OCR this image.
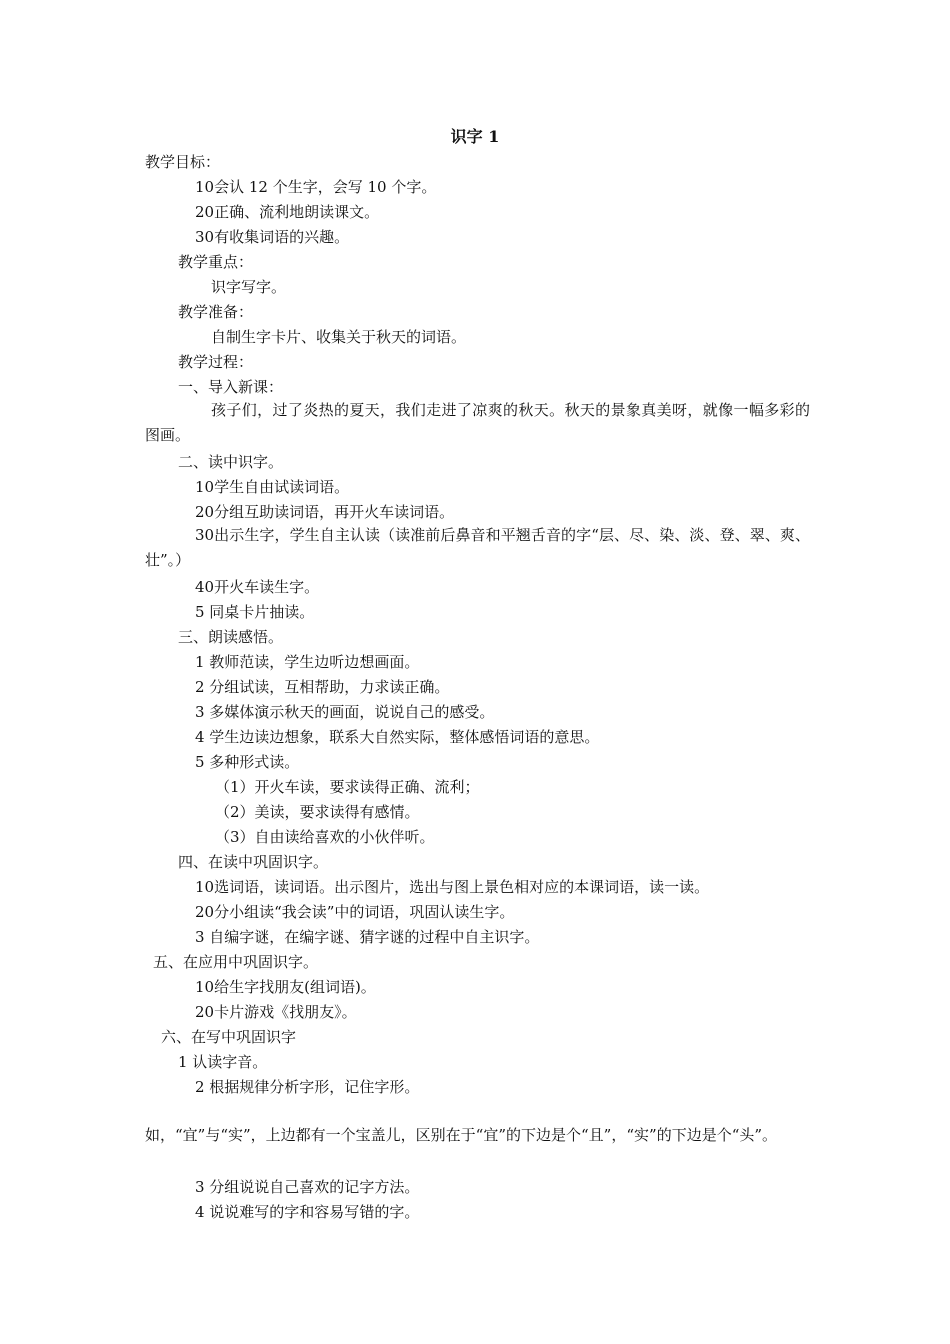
识字 1
教学目标：
10会认 12 个生字，会写 10 个字。
20正确、流利地朗读课文。
30有收集词语的兴趣。
教学重点：
识字写字。
教学准备：
自制生字卡片、收集关于秋天的词语。
教学过程：
一、导入新课：
孩子们，过了炎热的夏天，我们走进了凉爽的秋天。秋天的景象真美呀，就像一幅多彩的图画。
二、读中识字。
10学生自由试读词语。
20分组互助读词语，再开火车读词语。
30出示生字，学生自主认读（读准前后鼻音和平翘舌音的字“层、尽、染、淡、登、翠、爽、壮”。）
40开火车读生字。
5 同桌卡片抽读。
三、朗读感悟。
1 教师范读，学生边听边想画面。
2 分组试读，互相帮助，力求读正确。
3 多媒体演示秋天的画面，说说自己的感受。
4 学生边读边想象，联系大自然实际，整体感悟词语的意思。
5 多种形式读。
（1）开火车读，要求读得正确、流利；
（2）美读，要求读得有感情。
（3）自由读给喜欢的小伙伴听。
四、在读中巩固识字。
10选词语，读词语。出示图片，选出与图上景色相对应的本课词语，读一读。
20分小组读“我会读”中的词语，巩固认读生字。
3 自编字谜，在编字谜、猜字谜的过程中自主识字。
五、在应用中巩固识字。
10给生字找朋友(组词语)。
20卡片游戏《找朋友》。
六、在写中巩固识字
1 认读字音。
2 根据规律分析字形，记住字形。
如，“宜”与“实”，上边都有一个宝盖儿，区别在于“宜”的下边是个“且”，“实”的下边是个“头”。
3 分组说说自己喜欢的记字方法。
4 说说难写的字和容易写错的字。
